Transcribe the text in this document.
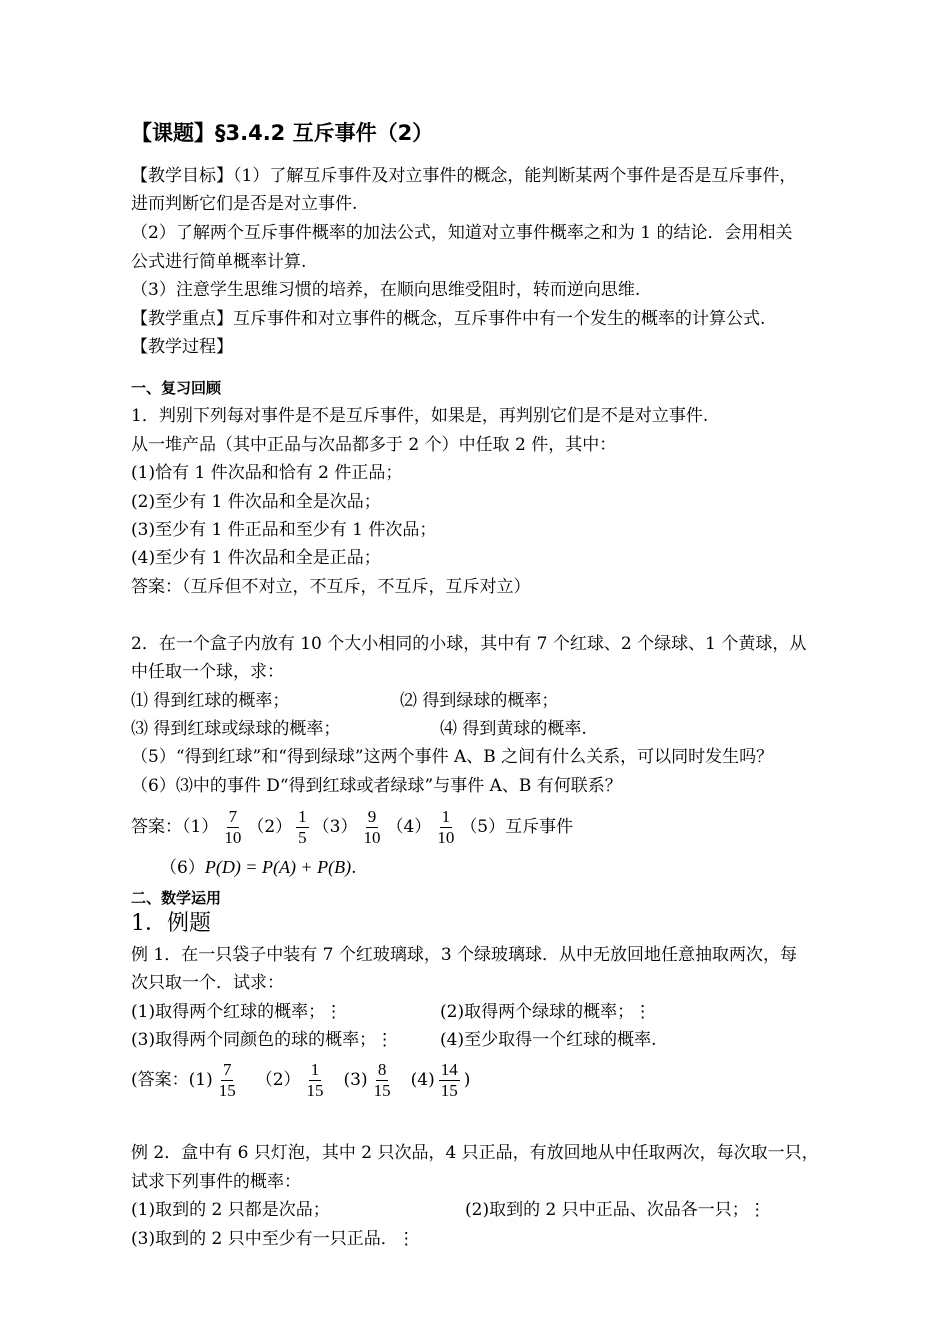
【课题】§3.4.2 互斥事件（2）
【教学目标】（1）了解互斥事件及对立事件的概念，能判断某两个事件是否是互斥事件，
进而判断它们是否是对立事件.
（2）了解两个互斥事件概率的加法公式，知道对立事件概率之和为 1 的结论．会用相关
公式进行简单概率计算.
（3）注意学生思维习惯的培养，在顺向思维受阻时，转而逆向思维.
【教学重点】互斥事件和对立事件的概念，互斥事件中有一个发生的概率的计算公式.
【教学过程】
一、复习回顾
1．判别下列每对事件是不是互斥事件，如果是，再判别它们是不是对立事件.
从一堆产品（其中正品与次品都多于 2 个）中任取 2 件，其中：
(1)恰有 1 件次品和恰有 2 件正品；
(2)至少有 1 件次品和全是次品；
(3)至少有 1 件正品和至少有 1 件次品；
(4)至少有 1 件次品和全是正品；
答案：（互斥但不对立，不互斥，不互斥，互斥对立）
2．在一个盒子内放有 10 个大小相同的小球，其中有 7 个红球、2 个绿球、1 个黄球，从
中任取一个球，求：
⑴ 得到红球的概率；	⑵ 得到绿球的概率；
⑶ 得到红球或绿球的概率；	⑷ 得到黄球的概率.
（5）“得到红球”和“得到绿球”这两个事件 A、B 之间有什么关系，可以同时发生吗？
（6）⑶中的事件 D“得到红球或者绿球”与事件 A、B 有何联系？
答案：$(1) \frac{7}{10} (2) \frac{1}{5} (3) \frac{9}{10} (4) \frac{1}{10} (5)$互斥事件
（6）P(D) = P(A) + P(B).
二、数学运用
1．例题
例 1．在一只袋子中装有 7 个红玻璃球，3 个绿玻璃球．从中无放回地任意抽取两次，每
次只取一个．试求：
(1)取得两个红球的概率；⋮	(2)取得两个绿球的概率；⋮
(3)取得两个同颜色的球的概率；⋮	(4)至少取得一个红球的概率.
(答案：$(1) \frac{7}{15} (2) \frac{1}{15} (3) \frac{8}{15} (4) \frac{14}{15}$ )
例 2．盒中有 6 只灯泡，其中 2 只次品，4 只正品，有放回地从中任取两次，每次取一只，
试求下列事件的概率：
(1)取到的 2 只都是次品；	(2)取到的 2 只中正品、次品各一只；⋮
(3)取到的 2 只中至少有一只正品．⋮
